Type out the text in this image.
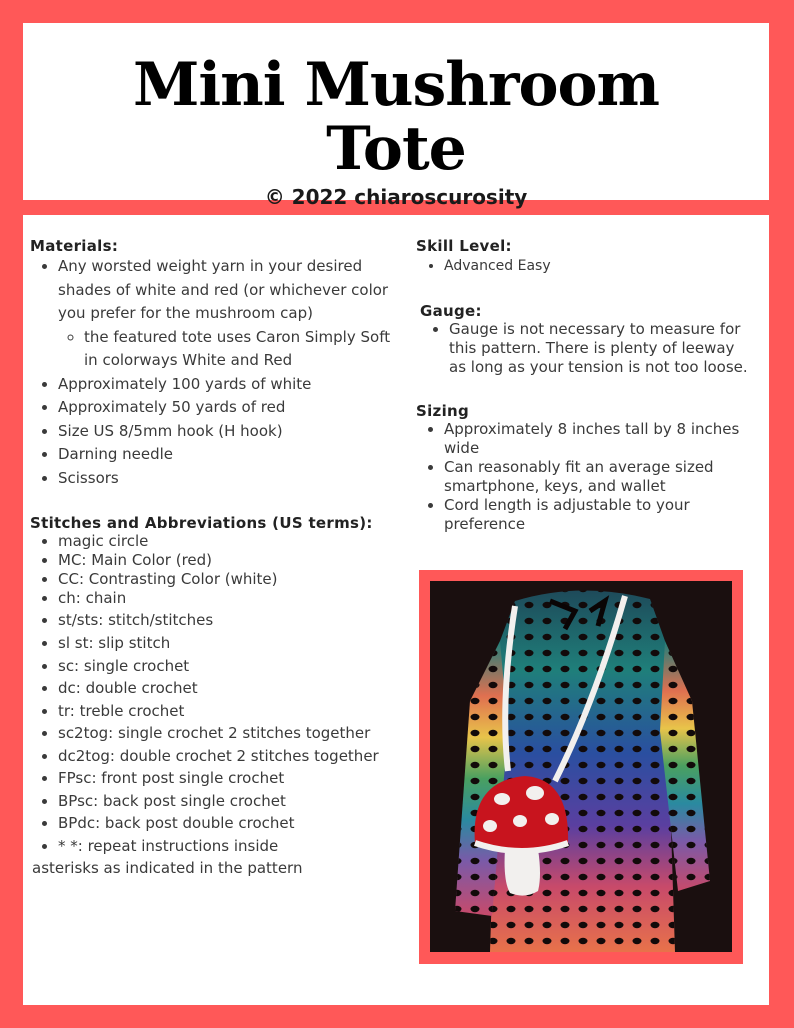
Mini Mushroom
Tote
© 2022 chiaroscurosity
Materials:
• Any worsted weight yarn in your desired shades of white and red (or whichever color you prefer for the mushroom cap)
◦ the featured tote uses Caron Simply Soft in colorways White and Red
• Approximately 100 yards of white
• Approximately 50 yards of red
• Size US 8/5mm hook (H hook)
• Darning needle
• Scissors
Stitches and Abbreviations (US terms):
• magic circle
• MC: Main Color (red)
• CC: Contrasting Color (white)
• ch: chain
• st/sts: stitch/stitches
• sl st: slip stitch
• sc: single crochet
• dc: double crochet
• tr: treble crochet
• sc2tog: single crochet 2 stitches together
• dc2tog: double crochet 2 stitches together
• FPsc: front post single crochet
• BPsc: back post single crochet
• BPdc: back post double crochet
• * *: repeat instructions inside
asterisks as indicated in the pattern
Skill Level:
• Advanced Easy
Gauge:
• Gauge is not necessary to measure for this pattern. There is plenty of leeway as long as your tension is not too loose.
Sizing
• Approximately 8 inches tall by 8 inches wide
• Can reasonably fit an average sized smartphone, keys, and wallet
• Cord length is adjustable to your preference
